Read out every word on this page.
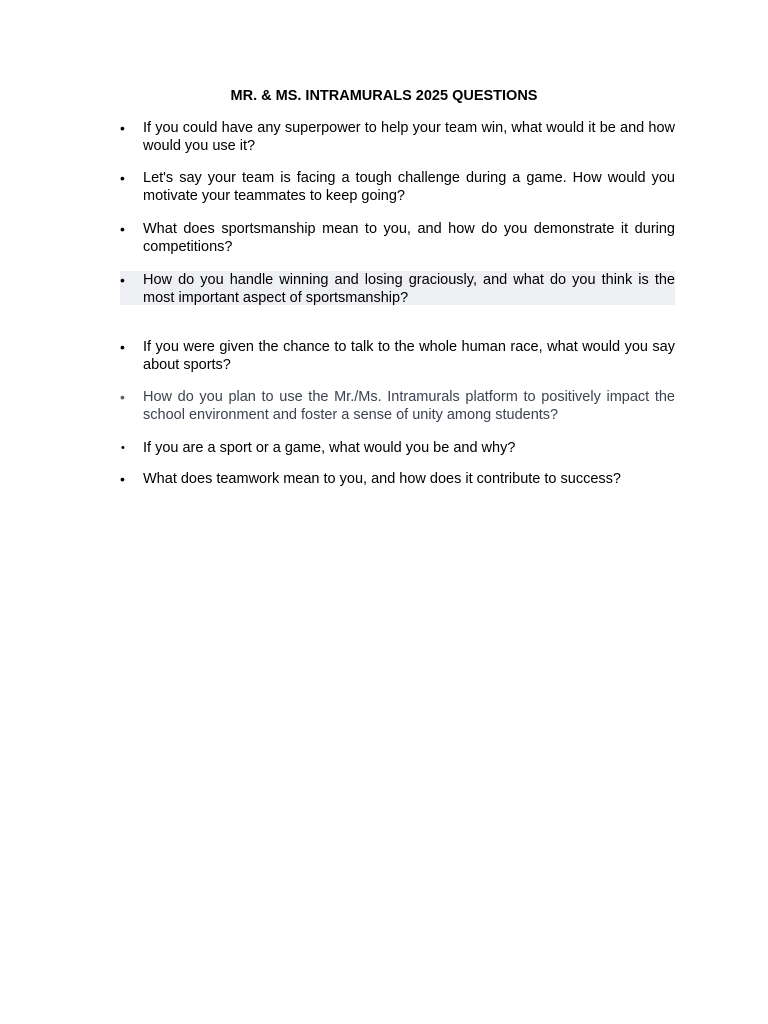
MR. & MS. INTRAMURALS 2025 QUESTIONS
•	If you could have any superpower to help your team win, what would it be and how would you use it?
•	Let's say your team is facing a tough challenge during a game. How would you motivate your teammates to keep going?
•	What does sportsmanship mean to you, and how do you demonstrate it during competitions?
•	How do you handle winning and losing graciously, and what do you think is the most important aspect of sportsmanship?
•	If you were given the chance to talk to the whole human race, what would you say about sports?
•	How do you plan to use the Mr./Ms. Intramurals platform to positively impact the school environment and foster a sense of unity among students?
•	If you are a sport or a game, what would you be and why?
•	What does teamwork mean to you, and how does it contribute to success?
